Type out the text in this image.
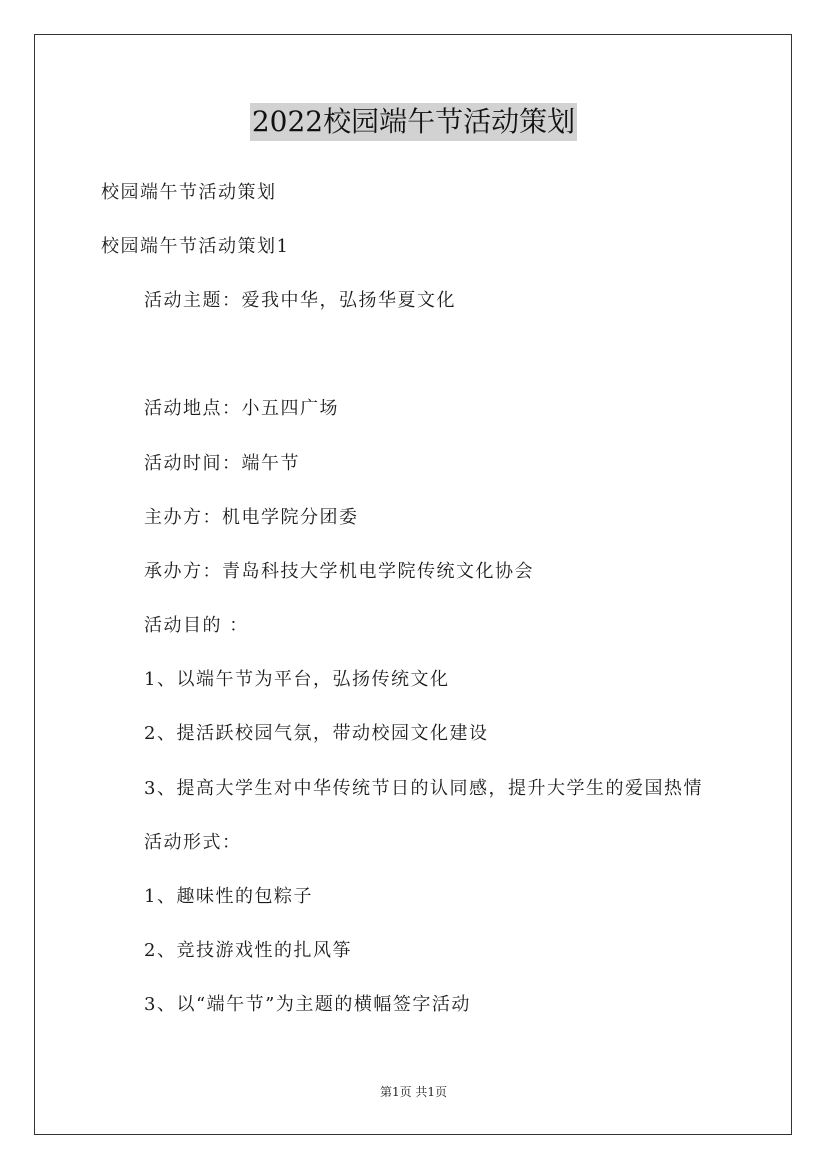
2022校园端午节活动策划
校园端午节活动策划
校园端午节活动策划1
活动主题：爱我中华，弘扬华夏文化
活动地点：小五四广场
活动时间：端午节
主办方：机电学院分团委
承办方：青岛科技大学机电学院传统文化协会
活动目的 ：
1、以端午节为平台，弘扬传统文化
2、提活跃校园气氛，带动校园文化建设
3、提高大学生对中华传统节日的认同感，提升大学生的爱国热情
活动形式：
1、趣味性的包粽子
2、竞技游戏性的扎风筝
3、以“端午节”为主题的横幅签字活动
第1页 共1页
